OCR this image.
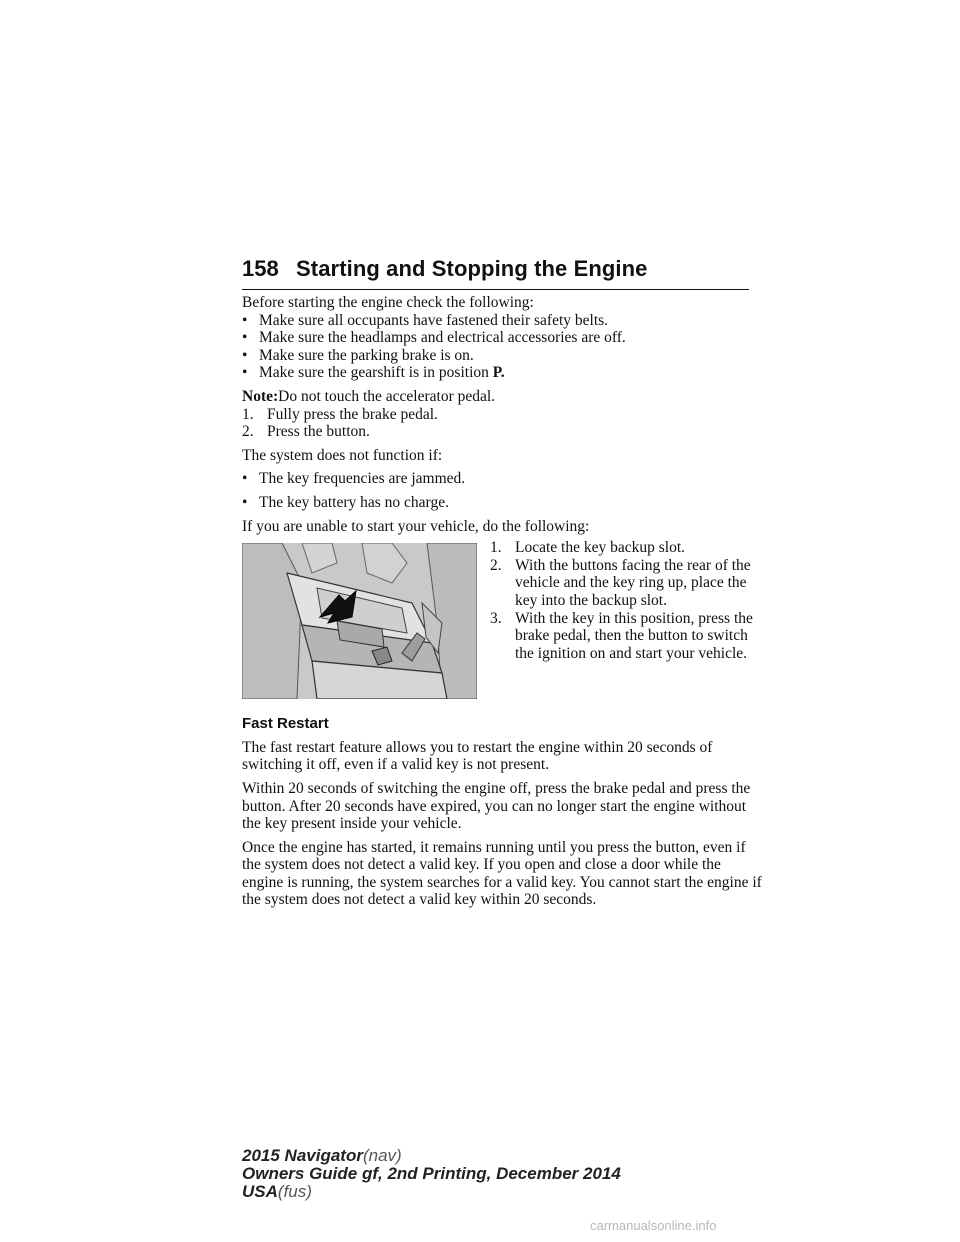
158 Starting and Stopping the Engine

Before starting the engine check the following:

• Make sure all occupants have fastened their safety belts.
• Make sure the headlamps and electrical accessories are off.
• Make sure the parking brake is on.
• Make sure the gearshift is in position P.

Note:Do not touch the accelerator pedal.

1. Fully press the brake pedal.
2. Press the button.

The system does not function if:

• The key frequencies are jammed.
• The key battery has no charge.

If you are unable to start your vehicle, do the following:

1. Locate the key backup slot.
2. With the buttons facing the rear of the vehicle and the key ring up, place the key into the backup slot.
3. With the key in this position, press the brake pedal, then the button to switch the ignition on and start your vehicle.

Fast Restart

The fast restart feature allows you to restart the engine within 20 seconds of switching it off, even if a valid key is not present.

Within 20 seconds of switching the engine off, press the brake pedal and press the button. After 20 seconds have expired, you can no longer start the engine without the key present inside your vehicle.

Once the engine has started, it remains running until you press the button, even if the system does not detect a valid key. If you open and close a door while the engine is running, the system searches for a valid key. You cannot start the engine if the system does not detect a valid key within 20 seconds.

2015 Navigator(nav)
Owners Guide gf, 2nd Printing, December 2014
USA(fus)
carmanualsonline.info
